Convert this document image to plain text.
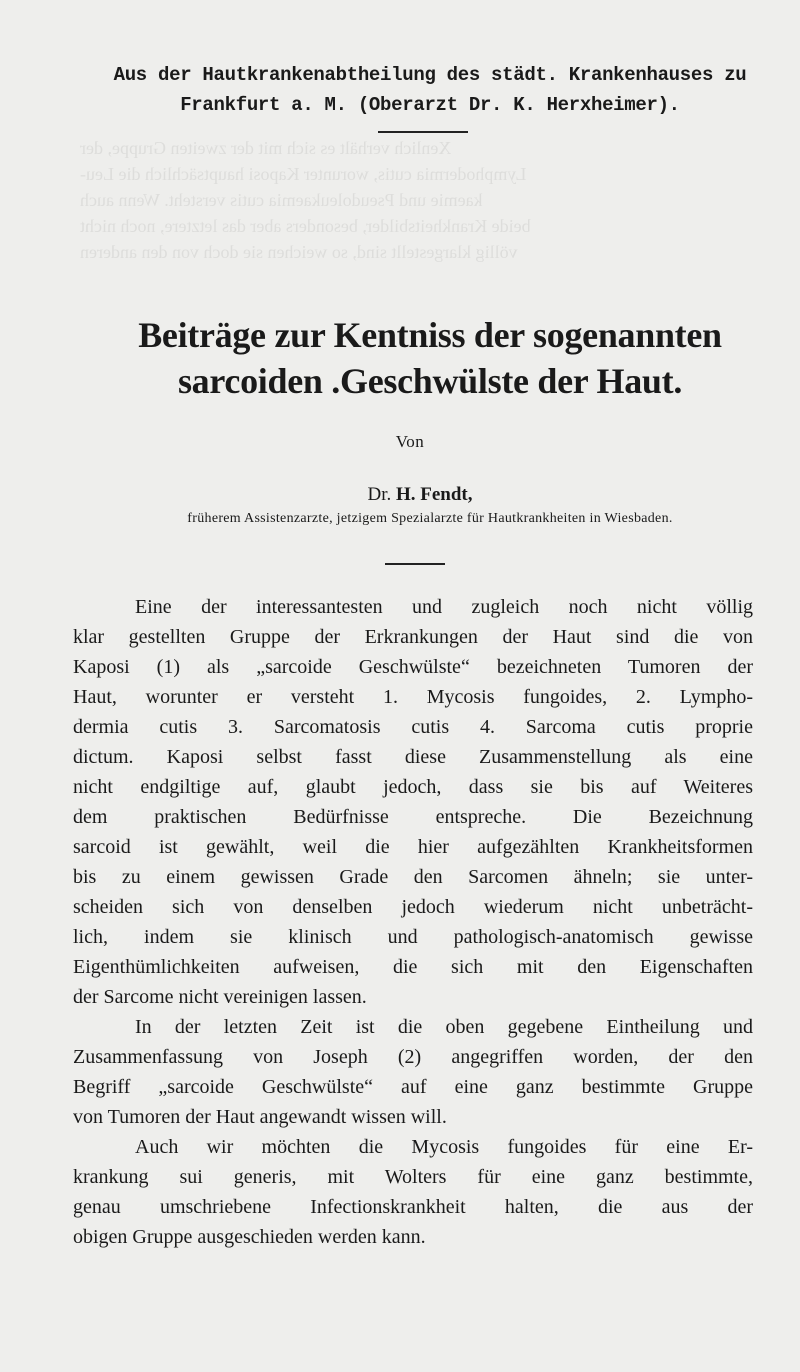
Xenlich verhält es sich mit der zweiten Gruppe, der
Lymphodermia cutis, worunter Kaposi hauptsächlich die Leu-
kaemie und Pseudoleukaemia cutis versteht. Wenn auch
beide Krankheitsbilder, besonders aber das letztere, noch nicht
völlig klargestellt sind, so weichen sie doch von den anderen
Aus der Hautkrankenabtheilung des städt. Krankenhauses zu
Frankfurt a. M. (Oberarzt Dr. K. Herxheimer).
Beiträge zur Kentniss der sogenannten
sarcoiden .Geschwülste der Haut.
Von
Dr. H. Fendt,
früherem Assistenzarzte, jetzigem Spezialarzte für Hautkrankheiten in Wiesbaden.
Eine der interessantesten und zugleich noch nicht völlig
klar gestellten Gruppe der Erkrankungen der Haut sind die von
Kaposi (1) als „sarcoide Geschwülste“ bezeichneten Tumoren der
Haut, worunter er versteht 1. Mycosis fungoides, 2. Lympho-
dermia cutis 3. Sarcomatosis cutis 4. Sarcoma cutis proprie
dictum. Kaposi selbst fasst diese Zusammenstellung als eine
nicht endgiltige auf, glaubt jedoch, dass sie bis auf Weiteres
dem praktischen Bedürfnisse entspreche. Die Bezeichnung
sarcoid ist gewählt, weil die hier aufgezählten Krankheitsformen
bis zu einem gewissen Grade den Sarcomen ähneln; sie unter-
scheiden sich von denselben jedoch wiederum nicht unbeträcht-
lich, indem sie klinisch und pathologisch-anatomisch gewisse
Eigenthümlichkeiten aufweisen, die sich mit den Eigenschaften
der Sarcome nicht vereinigen lassen.
In der letzten Zeit ist die oben gegebene Eintheilung und
Zusammenfassung von Joseph (2) angegriffen worden, der den
Begriff „sarcoide Geschwülste“ auf eine ganz bestimmte Gruppe
von Tumoren der Haut angewandt wissen will.
Auch wir möchten die Mycosis fungoides für eine Er-
krankung sui generis, mit Wolters für eine ganz bestimmte,
genau umschriebene Infectionskrankheit halten, die aus der
obigen Gruppe ausgeschieden werden kann.
